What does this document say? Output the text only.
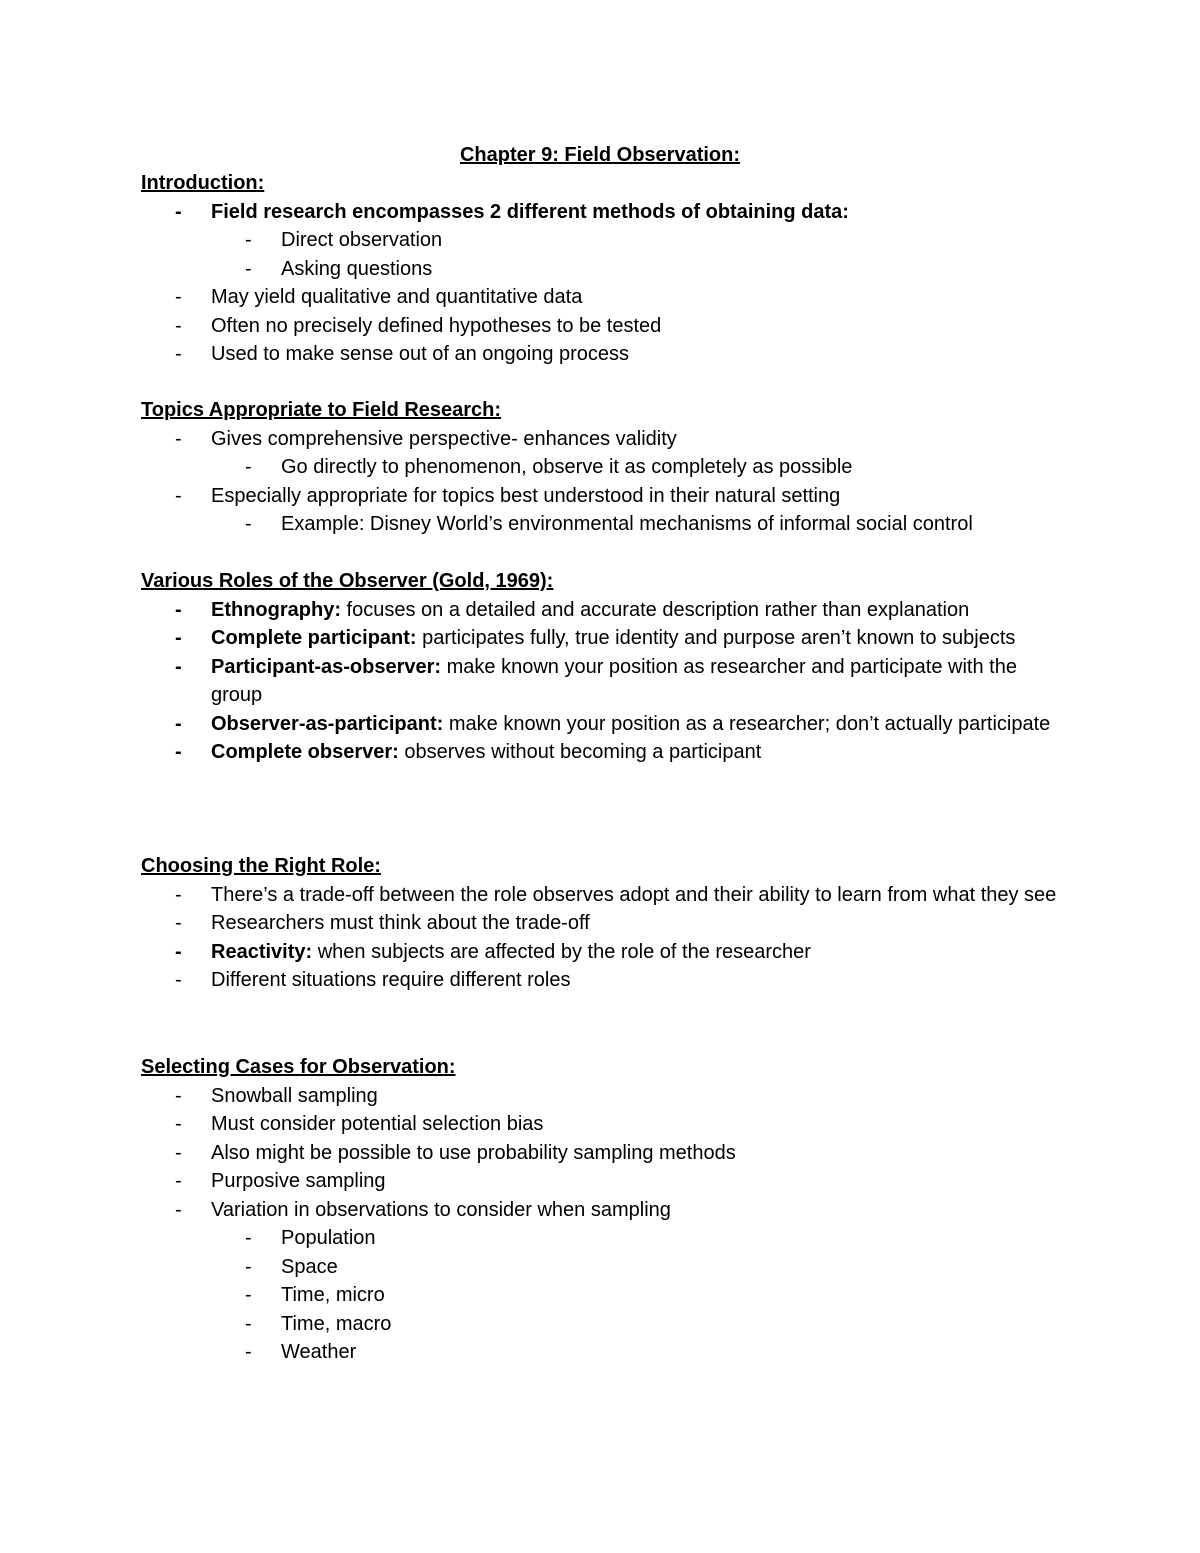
Chapter 9: Field Observation:
Introduction:
-	Field research encompasses 2 different methods of obtaining data:
-	Direct observation
-	Asking questions
-	May yield qualitative and quantitative data
-	Often no precisely defined hypotheses to be tested
-	Used to make sense out of an ongoing process
Topics Appropriate to Field Research:
-	Gives comprehensive perspective- enhances validity
-	Go directly to phenomenon, observe it as completely as possible
-	Especially appropriate for topics best understood in their natural setting
-	Example: Disney World’s environmental mechanisms of informal social control
Various Roles of the Observer (Gold, 1969):
-	Ethnography: focuses on a detailed and accurate description rather than explanation
-	Complete participant: participates fully, true identity and purpose aren’t known to subjects
-	Participant-as-observer: make known your position as researcher and participate with the group
-	Observer-as-participant: make known your position as a researcher; don’t actually participate
-	Complete observer: observes without becoming a participant
Choosing the Right Role:
-	There’s a trade-off between the role observes adopt and their ability to learn from what they see
-	Researchers must think about the trade-off
-	Reactivity: when subjects are affected by the role of the researcher
-	Different situations require different roles
Selecting Cases for Observation:
-	Snowball sampling
-	Must consider potential selection bias
-	Also might be possible to use probability sampling methods
-	Purposive sampling
-	Variation in observations to consider when sampling
-	Population
-	Space
-	Time, micro
-	Time, macro
-	Weather
